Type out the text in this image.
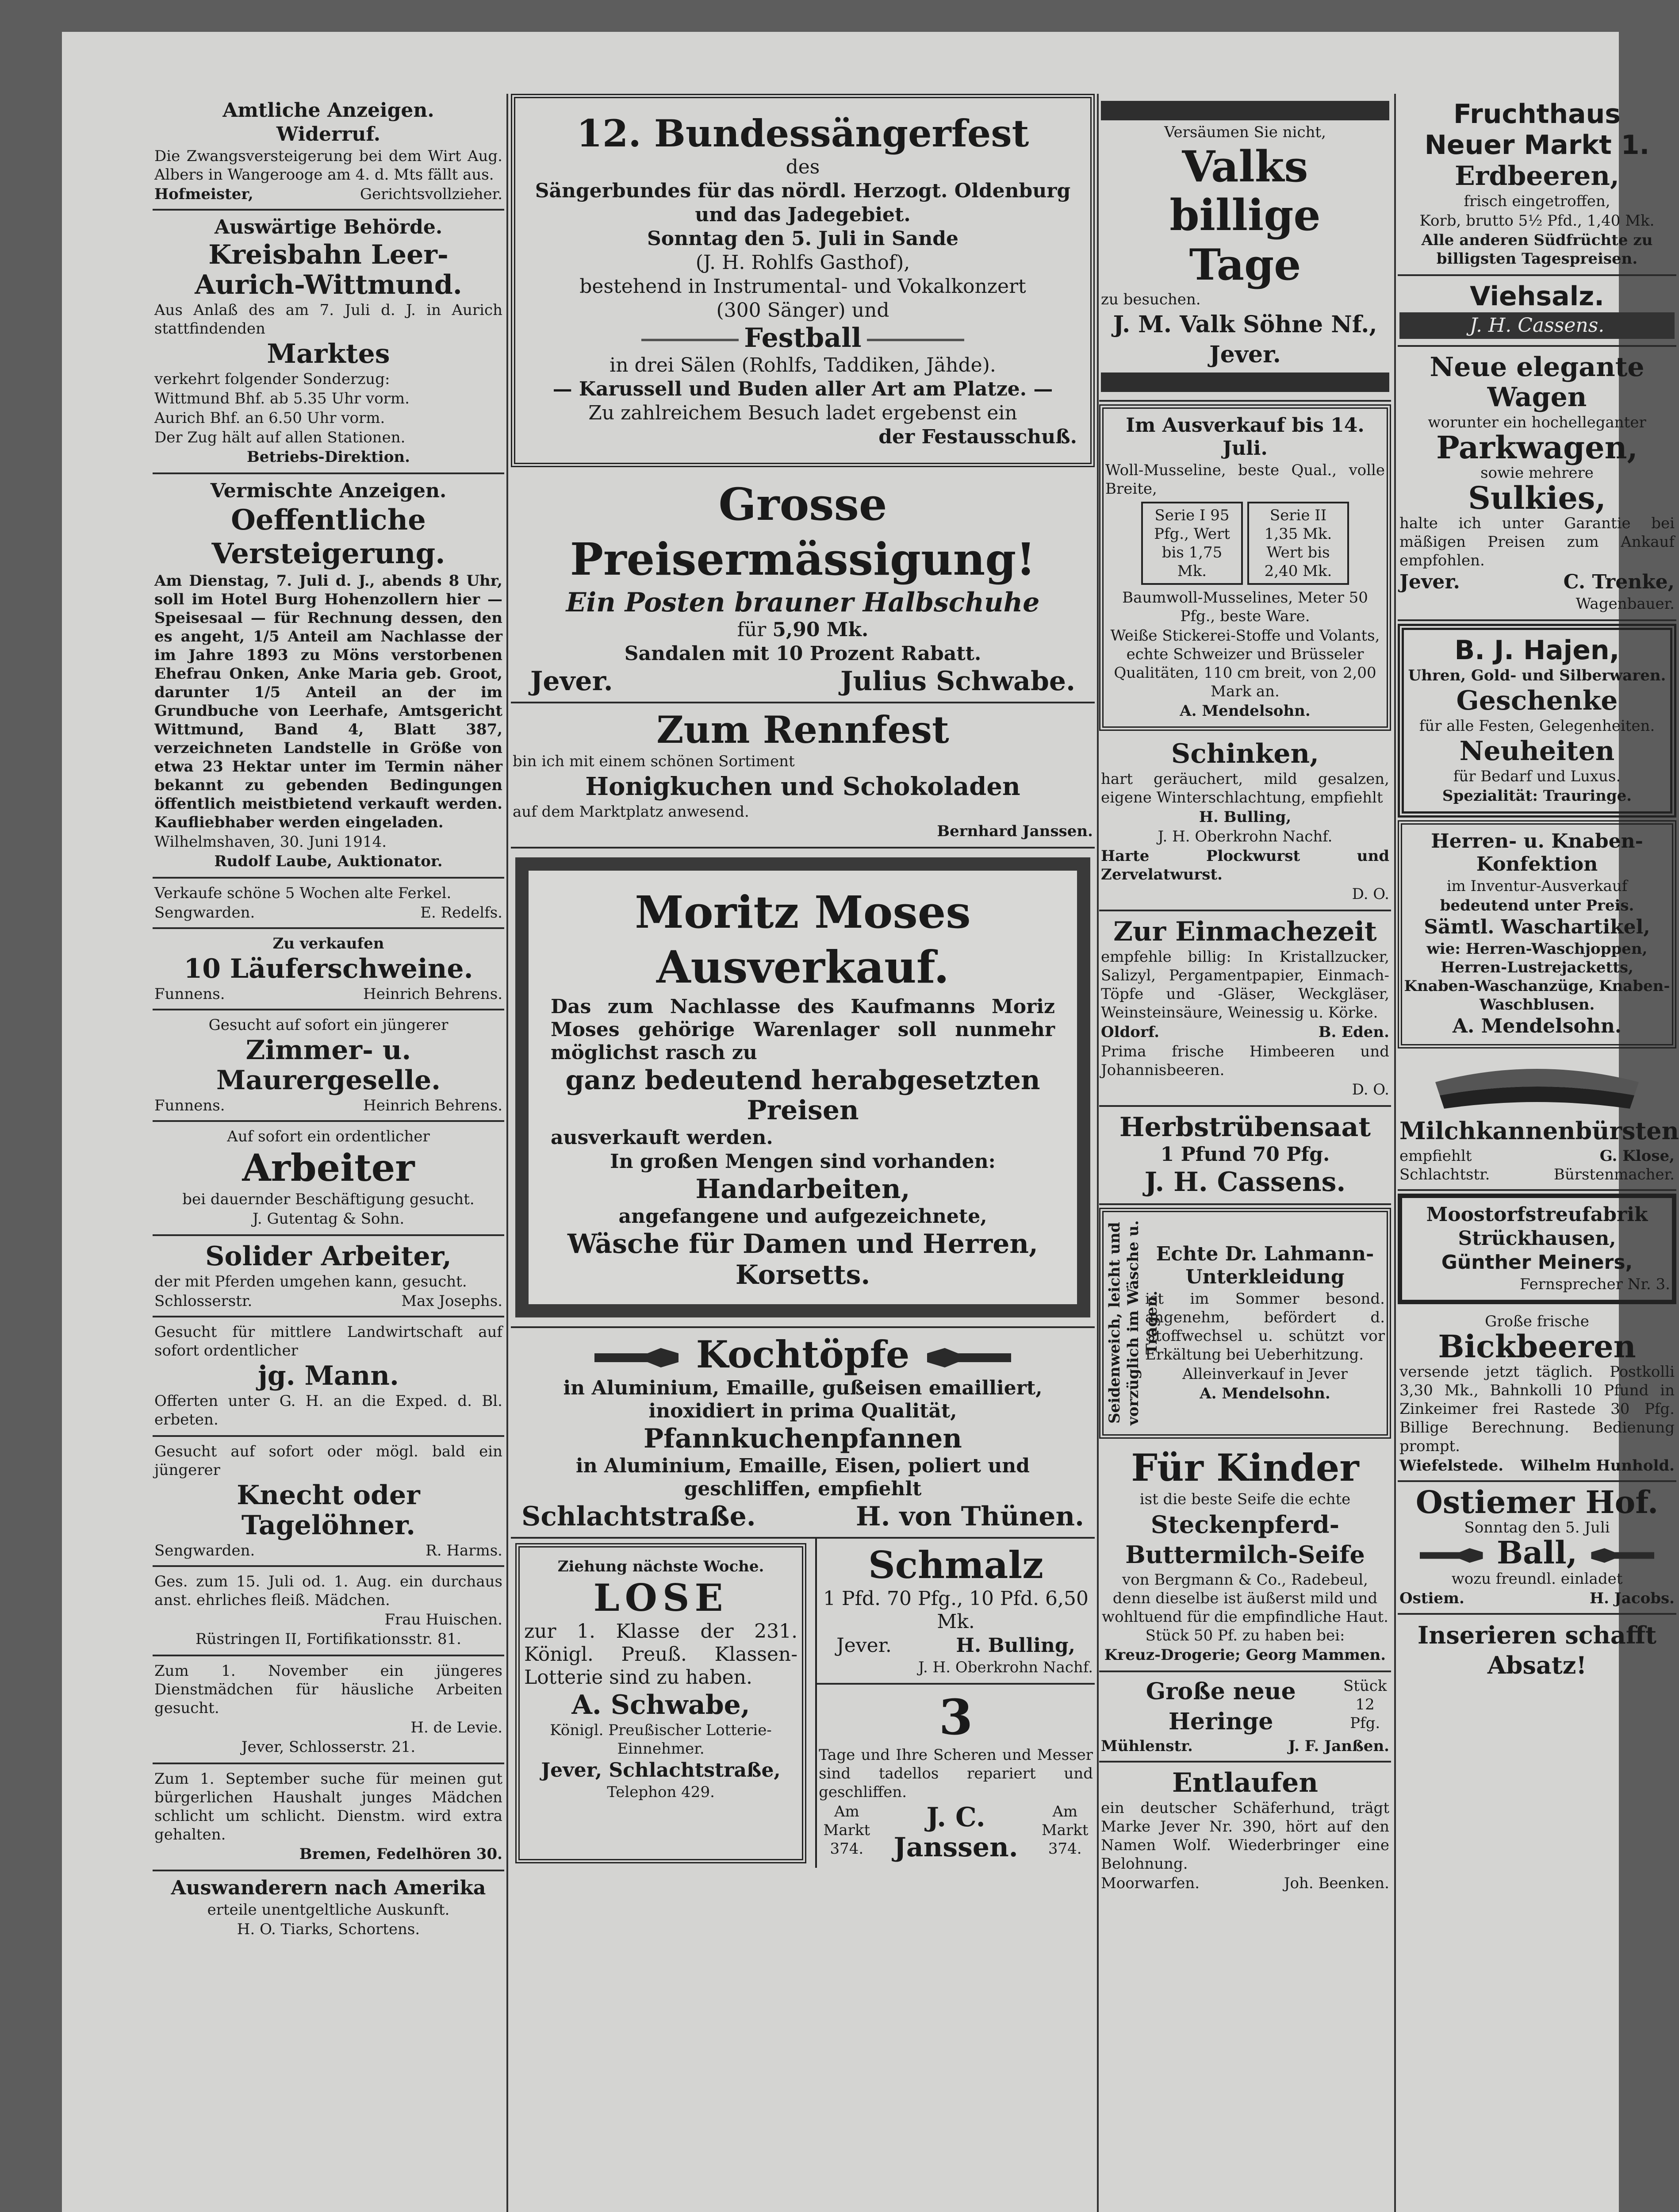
Amtliche Anzeigen.

Widerruf.

Die Zwangsversteigerung bei dem Wirt Aug. Albers in Wangerooge am 4. d. Mts fällt aus.

Hofmeister,	Gerichtsvollzieher.

Auswärtige Behörde.

Kreisbahn Leer-Aurich-Wittmund.

Aus Anlaß des am 7. Juli d. J. in Aurich stattfindenden

Marktes

verkehrt folgender Sonderzug:

Wittmund Bhf. ab 5.35 Uhr vorm.

Aurich Bhf. an 6.50 Uhr vorm.

Der Zug hält auf allen Stationen.

Betriebs-Direktion.

Vermischte Anzeigen.

Oeffentliche Versteigerung.

Am Dienstag, 7. Juli d. J., abends 8 Uhr, soll im Hotel Burg Hohenzollern hier — Speisesaal — für Rechnung dessen, den es angeht, 1/5 Anteil am Nachlasse der im Jahre 1893 zu Möns verstorbenen Ehefrau Onken, Anke Maria geb. Groot, darunter 1/5 Anteil an der im Grundbuche von Leerhafe, Amtsgericht Wittmund, Band 4, Blatt 387, verzeichneten Landstelle in Größe von etwa 23 Hektar unter im Termin näher bekannt zu gebenden Bedingungen öffentlich meistbietend verkauft werden. Kaufliebhaber werden eingeladen.

Wilhelmshaven, 30. Juni 1914.

Rudolf Laube, Auktionator.

Verkaufe schöne 5 Wochen alte Ferkel.

Sengwarden.	E. Redelfs.

Zu verkaufen

10 Läuferschweine.

Funnens.	Heinrich Behrens.

Gesucht auf sofort ein jüngerer

Zimmer- u. Maurergeselle.

Funnens.	Heinrich Behrens.

Auf sofort ein ordentlicher

Arbeiter

bei dauernder Beschäftigung gesucht.

J. Gutentag & Sohn.

Solider Arbeiter,

der mit Pferden umgehen kann, gesucht.

Schlosserstr.	Max Josephs.

Gesucht für mittlere Landwirtschaft auf sofort ordentlicher

jg. Mann.

Offerten unter G. H. an die Exped. d. Bl. erbeten.

Gesucht auf sofort oder mögl. bald ein jüngerer

Knecht oder Tagelöhner.

Sengwarden.	R. Harms.

Ges. zum 15. Juli od. 1. Aug. ein durchaus anst. ehrliches fleiß. Mädchen.

Frau Huischen.

Rüstringen II, Fortifikationsstr. 81.

Zum 1. November ein jüngeres Dienstmädchen für häusliche Arbeiten gesucht.

H. de Levie.

Jever, Schlosserstr. 21.

Zum 1. September suche für meinen gut bürgerlichen Haushalt junges Mädchen schlicht um schlicht. Dienstm. wird extra gehalten.

Bremen, Fedelhören 30.

Auswanderern nach Amerika

erteile unentgeltliche Auskunft.

H. O. Tiarks, Schortens.

12. Bundessängerfest

des

Sängerbundes für das nördl. Herzogt. Oldenburg

und das Jadegebiet.

Sonntag den 5. Juli in Sande

(J. H. Rohlfs Gasthof),

bestehend in Instrumental- und Vokalkonzert

(300 Sänger) und

Festball

in drei Sälen (Rohlfs, Taddiken, Jähde).

— Karussell und Buden aller Art am Platze. —

Zu zahlreichem Besuch ladet ergebenst ein

der Festausschuß.

Grosse Preisermässigung!

Ein Posten brauner Halbschuhe

für 5,90 Mk.

Sandalen mit 10 Prozent Rabatt.

Jever.	Julius Schwabe.

Zum Rennfest

bin ich mit einem schönen Sortiment

Honigkuchen und Schokoladen

auf dem Marktplatz anwesend.

Bernhard Janssen.

Moritz Moses Ausverkauf.

Das zum Nachlasse des Kaufmanns Moriz Moses gehörige Warenlager soll nunmehr möglichst rasch zu

ganz bedeutend herabgesetzten Preisen

ausverkauft werden.

In großen Mengen sind vorhanden:

Handarbeiten,

angefangene und aufgezeichnete,

Wäsche für Damen und Herren,

Korsetts.

Kochtöpfe

in Aluminium, Emaille, gußeisen emailliert, inoxidiert in prima Qualität,

Pfannkuchenpfannen

in Aluminium, Emaille, Eisen, poliert und geschliffen, empfiehlt

Schlachtstraße.	H. von Thünen.

Ziehung nächste Woche.

LOSE

zur 1. Klasse der 231. Königl. Preuß. Klassen-Lotterie sind zu haben.

A. Schwabe,

Königl. Preußischer Lotterie-Einnehmer.

Jever, Schlachtstraße,

Telephon 429.

Schmalz

1 Pfd. 70 Pfg., 10 Pfd. 6,50 Mk.

Jever.	H. Bulling,

J. H. Oberkrohn Nachf.

3

Tage und Ihre Scheren und Messer sind tadellos repariert und geschliffen.

Am Markt 374.
J. C. Janssen.
Am Markt 374.

Versäumen Sie nicht,

Valks billige

Tage

zu besuchen.

J. M. Valk Söhne Nf., Jever.

Im Ausverkauf bis 14. Juli.

Woll-Musseline, beste Qual., volle Breite,

Serie I 95 Pfg., Wert bis 1,75 Mk.
Serie II 1,35 Mk. Wert bis 2,40 Mk.

Baumwoll-Musselines, Meter 50 Pfg., beste Ware.

Weiße Stickerei-Stoffe und Volants, echte Schweizer und Brüsseler Qualitäten, 110 cm breit, von 2,00 Mark an.

A. Mendelsohn.

Schinken,

hart geräuchert, mild gesalzen, eigene Winterschlachtung, empfiehlt

H. Bulling,

J. H. Oberkrohn Nachf.

Harte Plockwurst und Zervelatwurst.

D. O.

Zur Einmachezeit

empfehle billig: In Kristallzucker, Salizyl, Pergamentpapier, Einmach-Töpfe und -Gläser, Weckgläser, Weinsteinsäure, Weinessig u. Körke.

Oldorf.	B. Eden.

Prima frische Himbeeren und Johannisbeeren.

D. O.

Herbstrübensaat

1 Pfund 70 Pfg.

J. H. Cassens.

Seidenweich, leicht und vorzüglich im Wäsche u. Tragen.

Echte Dr. Lahmann-Unterkleidung

ist im Sommer besond. angenehm, befördert d. Stoffwechsel u. schützt vor Erkältung bei Ueberhitzung.

Alleinverkauf in Jever

A. Mendelsohn.

Für Kinder

ist die beste Seife die echte

Steckenpferd-Buttermilch-Seife

von Bergmann & Co., Radebeul, denn dieselbe ist äußerst mild und wohltuend für die empfindliche Haut. Stück 50 Pf. zu haben bei:

Kreuz-Drogerie; Georg Mammen.

Große neue Heringe
Stück 12 Pfg.
Mühlenstr.	J. F. Janßen.

Entlaufen

ein deutscher Schäferhund, trägt Marke Jever Nr. 390, hört auf den Namen Wolf. Wiederbringer eine Belohnung.

Moorwarfen.	Joh. Beenken.

Fruchthaus

Neuer Markt 1.

Erdbeeren,

frisch eingetroffen,

Korb, brutto 5½ Pfd., 1,40 Mk.

Alle anderen Südfrüchte zu billigsten Tagespreisen.

Viehsalz.

J. H. Cassens.

Neue elegante Wagen

worunter ein hochelleganter

Parkwagen,

sowie mehrere

Sulkies,

halte ich unter Garantie bei mäßigen Preisen zum Ankauf empfohlen.

Jever.	C. Trenke,

Wagenbauer.

B. J. Hajen,

Uhren, Gold- und Silberwaren.

Geschenke

für alle Festen, Gelegenheiten.

Neuheiten

für Bedarf und Luxus.

Spezialität: Trauringe.

Herren- u. Knaben-Konfektion

im Inventur-Ausverkauf

bedeutend unter Preis.

Sämtl. Waschartikel,

wie: Herren-Waschjoppen, Herren-Lustrejacketts, Knaben-Waschanzüge, Knaben-Waschblusen.

A. Mendelsohn.

Milchkannenbürsten

empfiehlt	G. Klose,
Schlachtstr.	Bürstenmacher.

Moostorfstreufabrik

Strückhausen,

Günther Meiners,

Fernsprecher Nr. 3.

Große frische

Bickbeeren

versende jetzt täglich. Postkolli 3,30 Mk., Bahnkolli 10 Pfund in Zinkeimer frei Rastede 30 Pfg. Billige Berechnung. Bedienung prompt.

Wiefelstede. Wilhelm Hunhold.

Ostiemer Hof.

Sonntag den 5. Juli

Ball,

wozu freundl. einladet

Ostiem.	H. Jacobs.

Inserieren schafft Absatz!
